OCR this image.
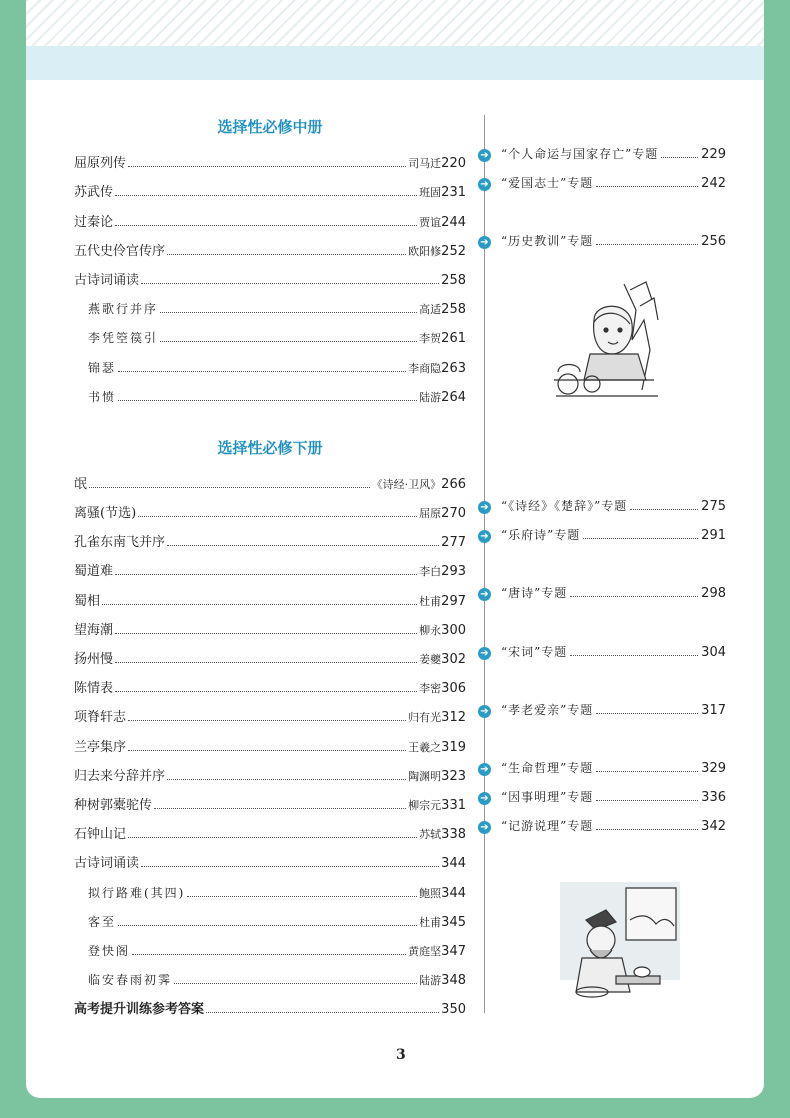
选择性必修中册
屈原列传	司马迁 220
苏武传	班固 231
过秦论	贾谊 244
五代史伶官传序	欧阳修 252
古诗词诵读	258
燕歌行并序	高适 258
李凭箜篌引	李贺 261
锦瑟	李商隐 263
书愤	陆游 264
选择性必修下册
氓	《诗经·卫风》 266
离骚(节选)	屈原 270
孔雀东南飞并序	277
蜀道难	李白 293
蜀相	杜甫 297
望海潮	柳永 300
扬州慢	姜夔 302
陈情表	李密 306
项脊轩志	归有光 312
兰亭集序	王羲之 319
归去来兮辞并序	陶渊明 323
种树郭橐驼传	柳宗元 331
石钟山记	苏轼 338
古诗词诵读	344
拟行路难(其四)	鲍照 344
客至	杜甫 345
登快阁	黄庭坚 347
临安春雨初霁	陆游 348
高考提升训练参考答案	350
➔ “个人命运与国家存亡”专题	229
➔ “爱国志士”专题	242
➔ “历史教训”专题	256
➔ “《诗经》《楚辞》”专题	275
➔ “乐府诗”专题	291
➔ “唐诗”专题	298
➔ “宋词”专题	304
➔ “孝老爱亲”专题	317
➔ “生命哲理”专题	329
➔ “因事明理”专题	336
➔ “记游说理”专题	342
3
